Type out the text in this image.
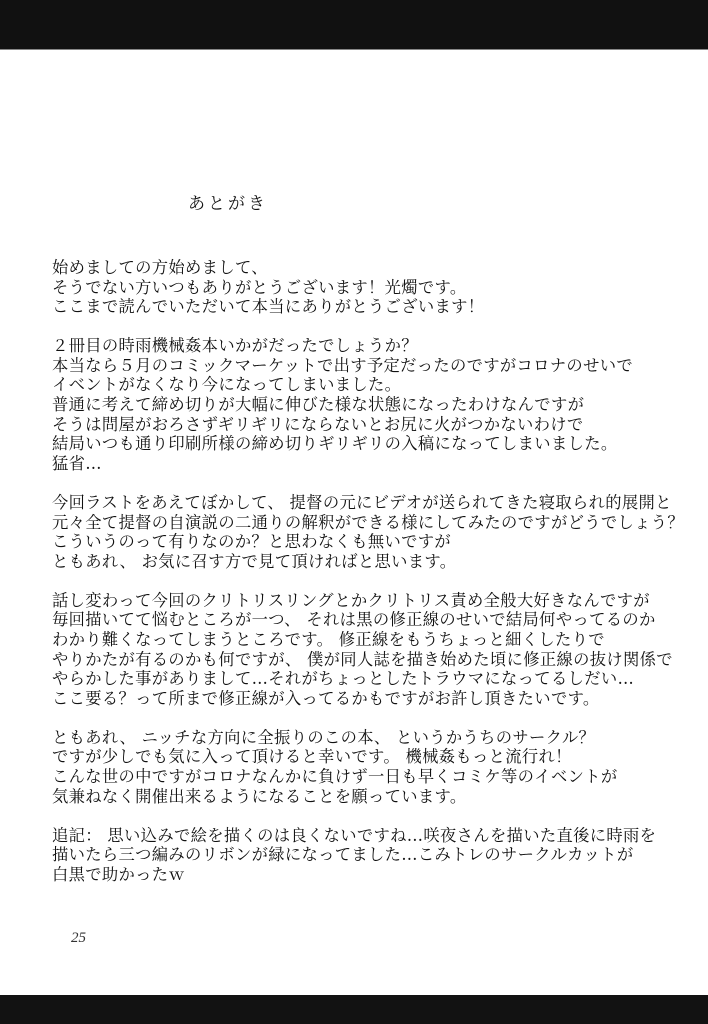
あとがき
始めましての方始めまして、
そうでない方いつもありがとうございます！光燭です。
ここまで読んでいただいて本当にありがとうございます！
２冊目の時雨機械姦本いかがだったでしょうか？
本当なら５月のコミックマーケットで出す予定だったのですがコロナのせいで
イベントがなくなり今になってしまいました。
普通に考えて締め切りが大幅に伸びた様な状態になったわけなんですが
そうは問屋がおろさずギリギリにならないとお尻に火がつかないわけで
結局いつも通り印刷所様の締め切りギリギリの入稿になってしまいました。
猛省…
今回ラストをあえてぼかして、 提督の元にビデオが送られてきた寝取られ的展開と
元々全て提督の自演説の二通りの解釈ができる様にしてみたのですがどうでしょう？
こういうのって有りなのか？と思わなくも無いですが
ともあれ、 お気に召す方で見て頂ければと思います。
話し変わって今回のクリトリスリングとかクリトリス責め全般大好きなんですが
毎回描いてて悩むところが一つ、 それは黒の修正線のせいで結局何やってるのか
わかり難くなってしまうところです。 修正線をもうちょっと細くしたりで
やりかたが有るのかも何ですが、 僕が同人誌を描き始めた頃に修正線の抜け関係で
やらかした事がありまして…それがちょっとしたトラウマになってるしだい…
ここ要る？って所まで修正線が入ってるかもですがお許し頂きたいです。
ともあれ、 ニッチな方向に全振りのこの本、 というかうちのサークル？
ですが少しでも気に入って頂けると幸いです。 機械姦もっと流行れ！
こんな世の中ですがコロナなんかに負けず一日も早くコミケ等のイベントが
気兼ねなく開催出来るようになることを願っています。
追記： 思い込みで絵を描くのは良くないですね…咲夜さんを描いた直後に時雨を
描いたら三つ編みのリボンが緑になってました…こみトレのサークルカットが
白黒で助かったｗ
25
